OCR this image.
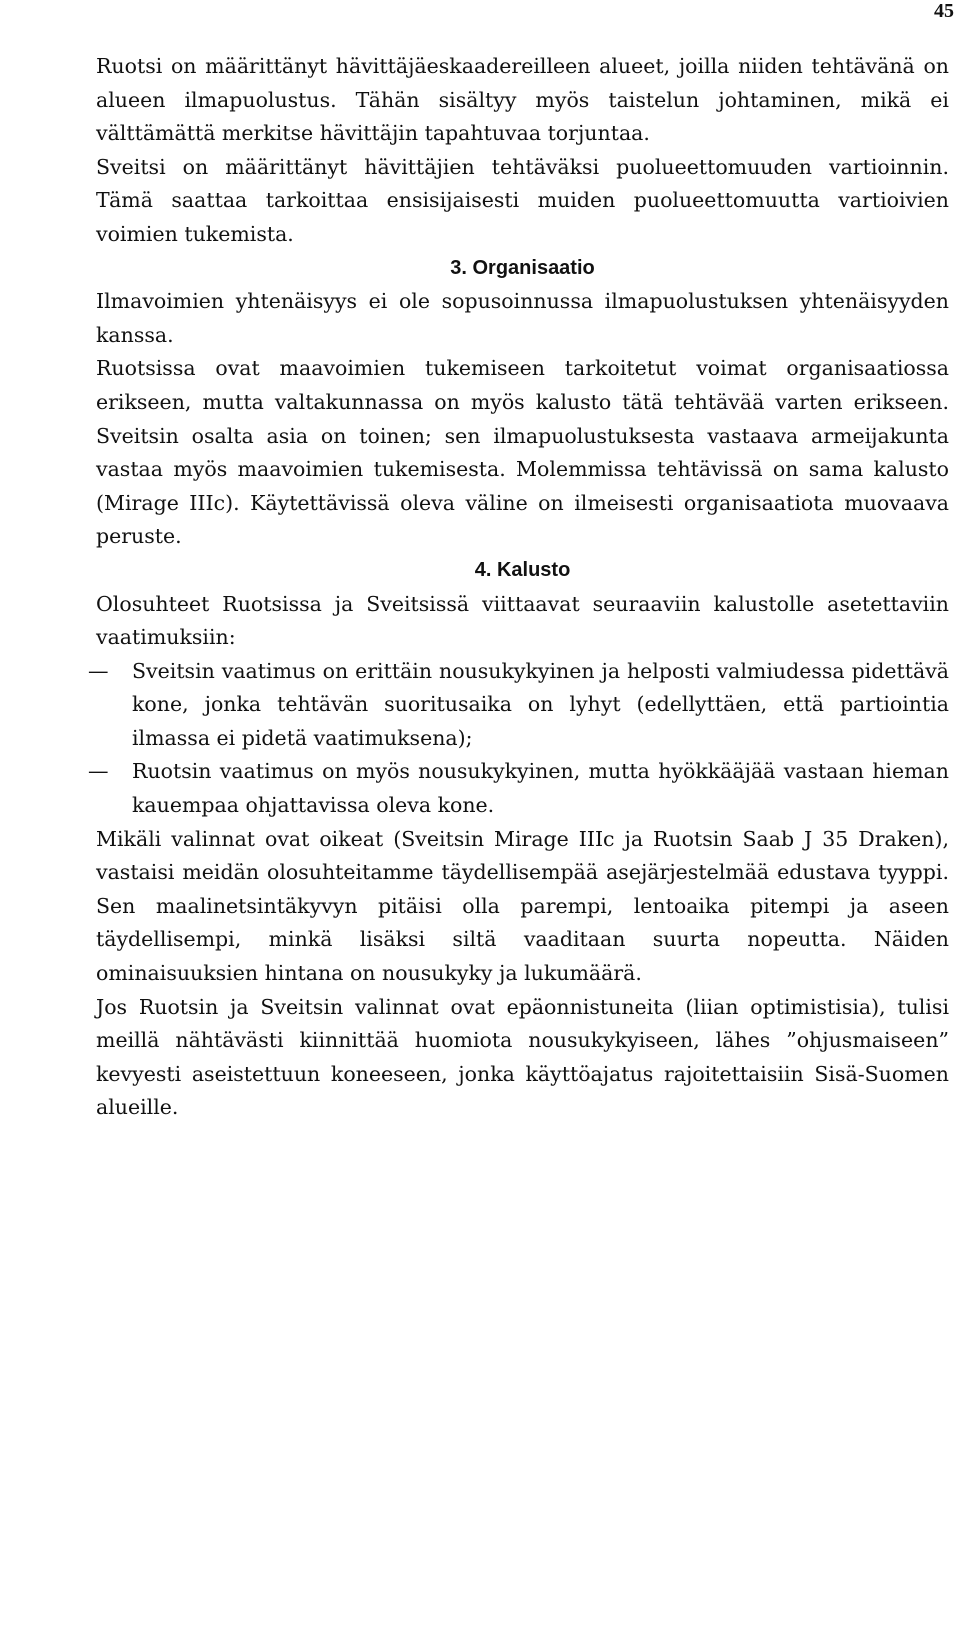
45

Ruotsi on määrittänyt hävittäjäeskaadereilleen alueet, joilla niiden tehtävänä on alueen ilmapuolustus. Tähän sisältyy myös taistelun johtaminen, mikä ei välttämättä merkitse hävittäjin tapahtuvaa torjuntaa.

Sveitsi on määrittänyt hävittäjien tehtäväksi puolueettomuuden vartioinnin. Tämä saattaa tarkoittaa ensisijaisesti muiden puolueettomuutta vartioivien voimien tukemista.

3. Organisaatio

Ilmavoimien yhtenäisyys ei ole sopusoinnussa ilmapuolustuksen yhtenäisyyden kanssa.

Ruotsissa ovat maavoimien tukemiseen tarkoitetut voimat organisaatiossa erikseen, mutta valtakunnassa on myös kalusto tätä tehtävää varten erikseen. Sveitsin osalta asia on toinen; sen ilmapuolustuksesta vastaava armeijakunta vastaa myös maavoimien tukemisesta. Molemmissa tehtävissä on sama kalusto (Mirage IIIc). Käytettävissä oleva väline on ilmeisesti organisaatiota muovaava peruste.

4. Kalusto

Olosuhteet Ruotsissa ja Sveitsissä viittaavat seuraaviin kalustolle asetettaviin vaatimuksiin:

— Sveitsin vaatimus on erittäin nousukykyinen ja helposti valmiudessa pidettävä kone, jonka tehtävän suoritusaika on lyhyt (edellyttäen, että partiointia ilmassa ei pidetä vaatimuksena);
— Ruotsin vaatimus on myös nousukykyinen, mutta hyökkääjää vastaan hieman kauempaa ohjattavissa oleva kone.

Mikäli valinnat ovat oikeat (Sveitsin Mirage IIIc ja Ruotsin Saab J 35 Draken), vastaisi meidän olosuhteitamme täydellisempää asejärjestelmää edustava tyyppi. Sen maalinetsintäkyvyn pitäisi olla parempi, lentoaika pitempi ja aseen täydellisempi, minkä lisäksi siltä vaaditaan suurta nopeutta. Näiden ominaisuuksien hintana on nousukyky ja lukumäärä.

Jos Ruotsin ja Sveitsin valinnat ovat epäonnistuneita (liian optimistisia), tulisi meillä nähtävästi kiinnittää huomiota nousukykyiseen, lähes ”ohjusmaiseen” kevyesti aseistettuun koneeseen, jonka käyttöajatus rajoitettaisiin Sisä-Suomen alueille.
